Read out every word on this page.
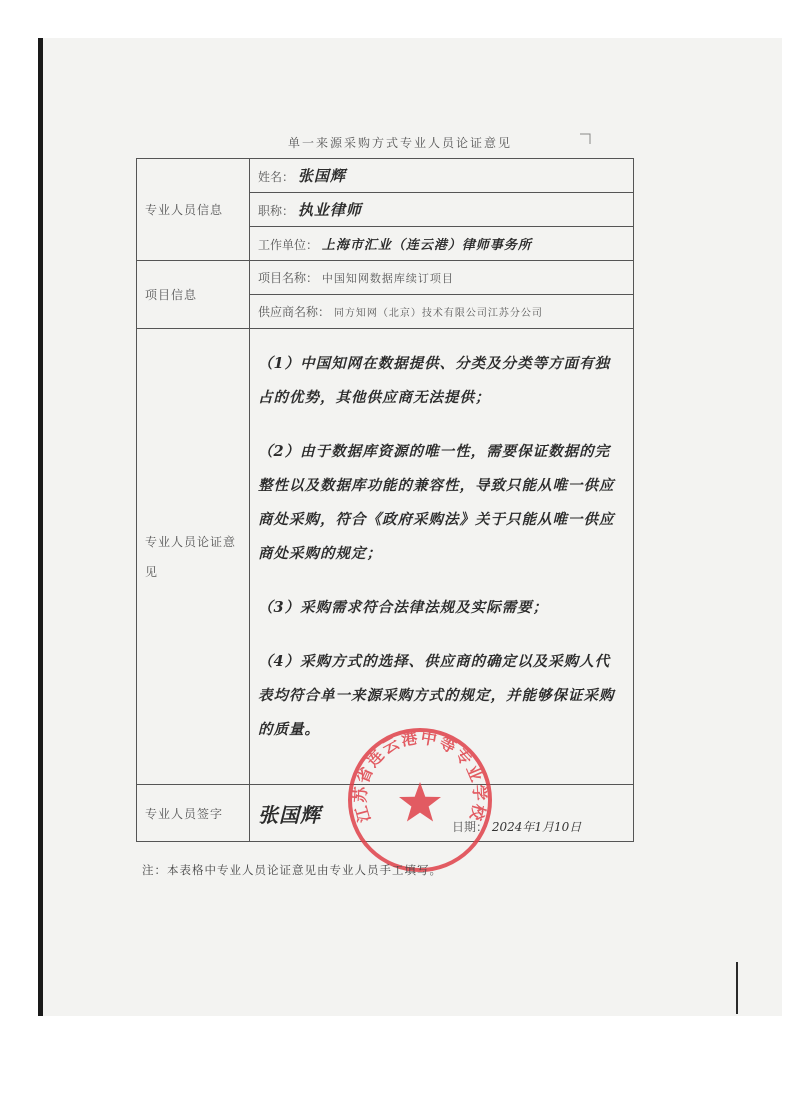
单一来源采购方式专业人员论证意见
专业人员信息	姓名： 张国辉
	职称： 执业律师
	工作单位： 上海市汇业（连云港）律师事务所
项目信息	项目名称： 中国知网数据库续订项目
	供应商名称： 同方知网（北京）技术有限公司江苏分公司

专业人员论证意见	（1）中国知网在数据提供、分类及分类等方面有独占的优势，其他供应商无法提供；

（2）由于数据库资源的唯一性，需要保证数据的完整性以及数据库功能的兼容性，导致只能从唯一供应商处采购，符合《政府采购法》关于只能从唯一供应商处采购的规定；

（3）采购需求符合法律法规及实际需要；

（4）采购方式的选择、供应商的确定以及采购人代表均符合单一来源采购方式的规定，并能够保证采购的质量。

专业人员签字	张国辉
日期： 2024年1月10日
江苏省连云港中等专业学校
注：本表格中专业人员论证意见由专业人员手工填写。
